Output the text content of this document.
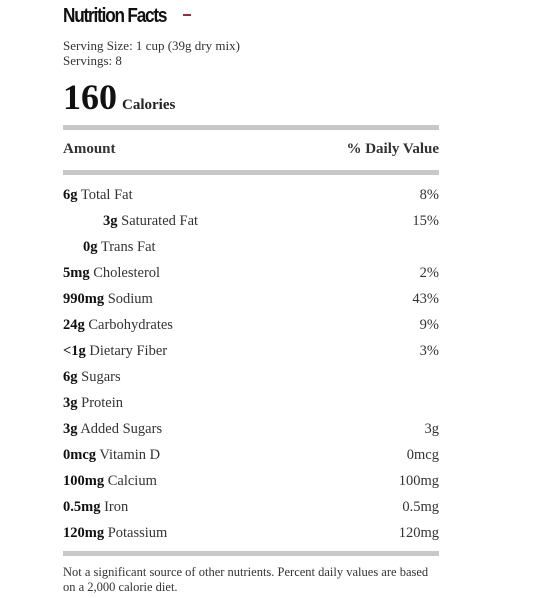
Nutrition Facts
Serving Size: 1 cup (39g dry mix)
Servings: 8
160 Calories
Amount	% Daily Value
6g Total Fat	8%
3g Saturated Fat	15%
0g Trans Fat
5mg Cholesterol	2%
990mg Sodium	43%
24g Carbohydrates	9%
<1g Dietary Fiber	3%
6g Sugars
3g Protein
3g Added Sugars	3g
0mcg Vitamin D	0mcg
100mg Calcium	100mg
0.5mg Iron	0.5mg
120mg Potassium	120mg
Not a significant source of other nutrients. Percent daily values are based on a 2,000 calorie diet.
